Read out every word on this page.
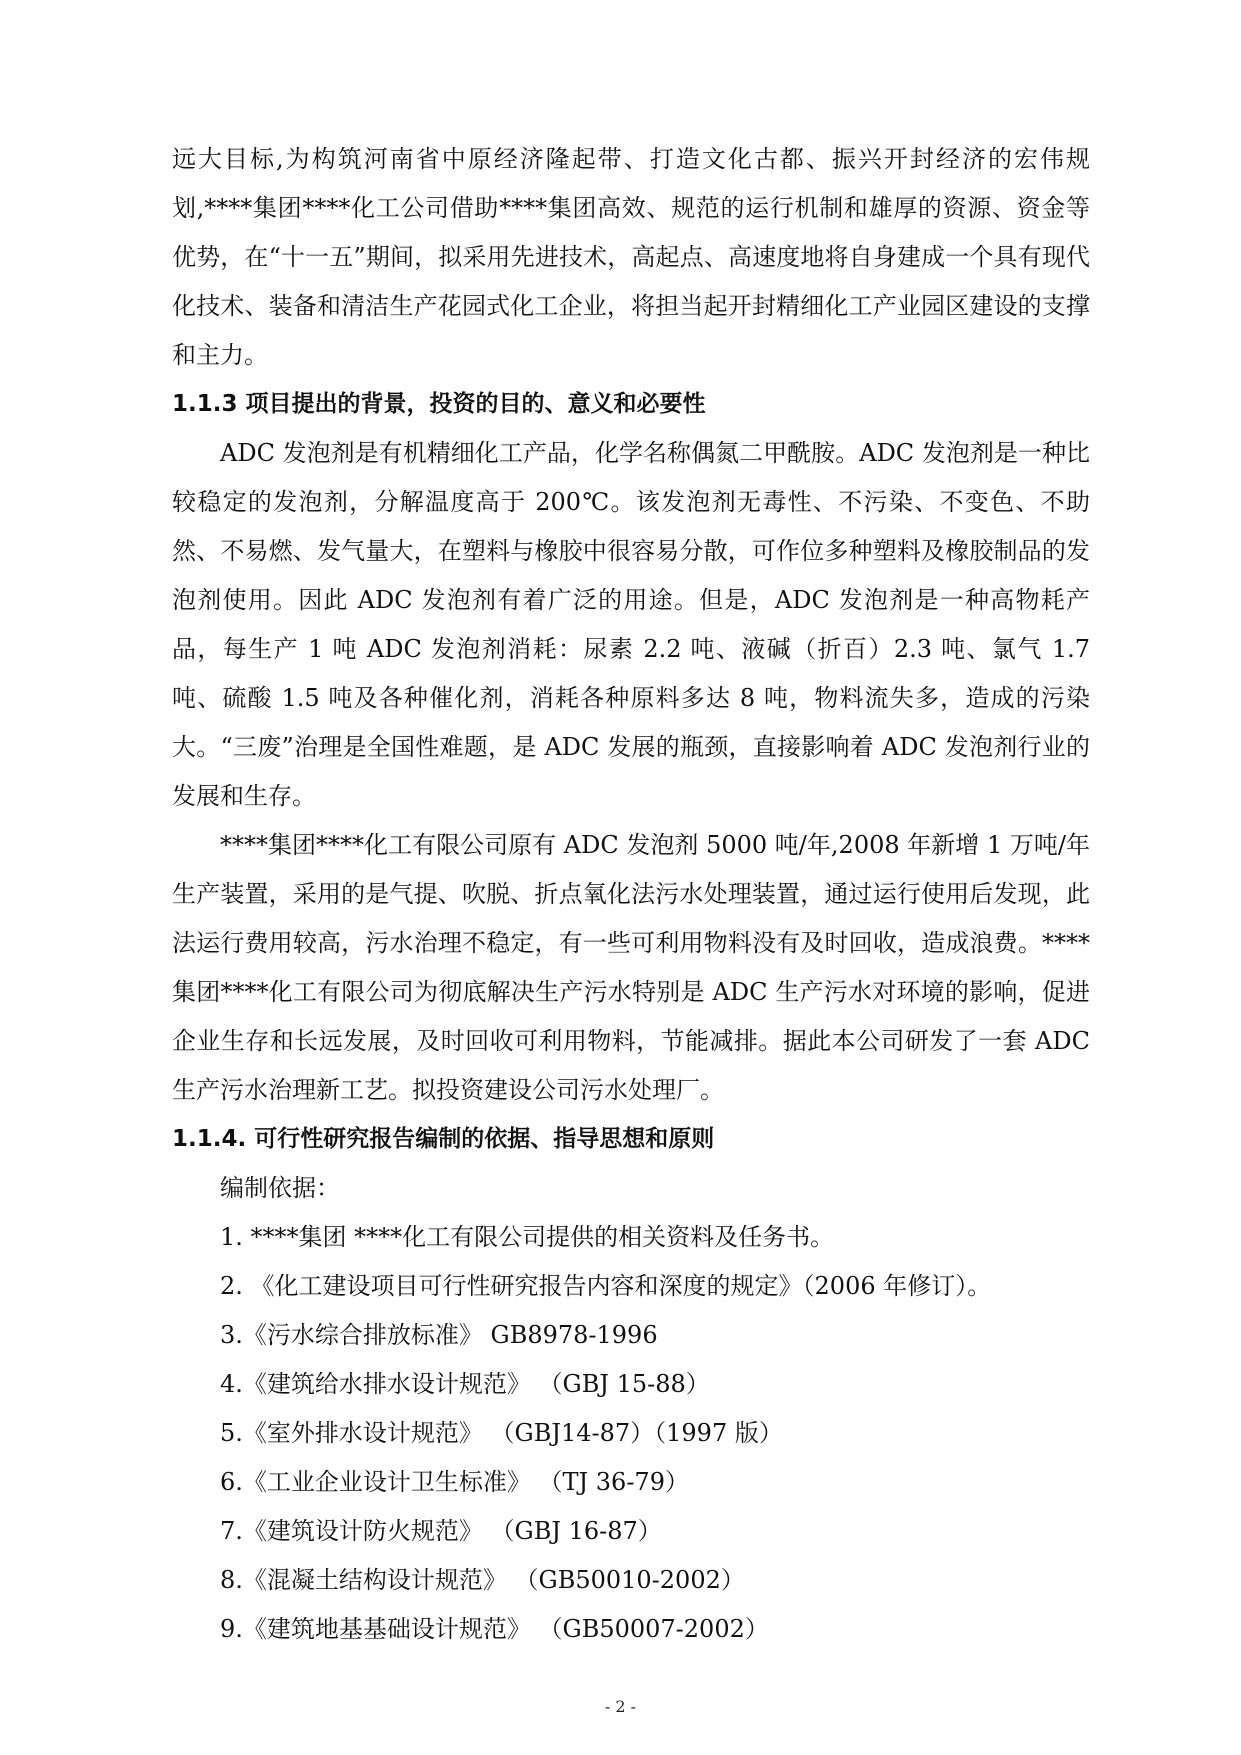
远大目标,为构筑河南省中原经济隆起带、打造文化古都、振兴开封经济的宏伟规划,****集团****化工公司借助****集团高效、规范的运行机制和雄厚的资源、资金等优势，在“十一五”期间，拟采用先进技术，高起点、高速度地将自身建成一个具有现代化技术、装备和清洁生产花园式化工企业，将担当起开封精细化工产业园区建设的支撑和主力。

1.1.3 项目提出的背景，投资的目的、意义和必要性

ADC 发泡剂是有机精细化工产品，化学名称偶氮二甲酰胺。ADC 发泡剂是一种比较稳定的发泡剂，分解温度高于 200℃。该发泡剂无毒性、不污染、不变色、不助然、不易燃、发气量大，在塑料与橡胶中很容易分散，可作位多种塑料及橡胶制品的发泡剂使用。因此 ADC 发泡剂有着广泛的用途。但是，ADC 发泡剂是一种高物耗产品，每生产 1 吨 ADC 发泡剂消耗：尿素 2.2 吨、液碱（折百）2.3 吨、氯气 1.7 吨、硫酸 1.5 吨及各种催化剂，消耗各种原料多达 8 吨，物料流失多，造成的污染大。“三废”治理是全国性难题，是 ADC 发展的瓶颈，直接影响着 ADC 发泡剂行业的发展和生存。

****集团****化工有限公司原有 ADC 发泡剂 5000 吨/年,2008 年新增 1 万吨/年生产装置，采用的是气提、吹脱、折点氧化法污水处理装置，通过运行使用后发现，此法运行费用较高，污水治理不稳定，有一些可利用物料没有及时回收，造成浪费。****集团****化工有限公司为彻底解决生产污水特别是 ADC 生产污水对环境的影响，促进企业生存和长远发展，及时回收可利用物料，节能减排。据此本公司研发了一套 ADC 生产污水治理新工艺。拟投资建设公司污水处理厂。

1.1.4. 可行性研究报告编制的依据、指导思想和原则

编制依据：

1. ****集团 ****化工有限公司提供的相关资料及任务书。

2. 《化工建设项目可行性研究报告内容和深度的规定》（2006 年修订）。

3.《污水综合排放标准》 GB8978-1996

4.《建筑给水排水设计规范》 （GBJ 15-88）

5.《室外排水设计规范》 （GBJ14-87）（1997 版）

6.《工业企业设计卫生标准》 （TJ 36-79）

7.《建筑设计防火规范》 （GBJ 16-87）

8.《混凝土结构设计规范》 （GB50010-2002）

9.《建筑地基基础设计规范》 （GB50007-2002）

- 2 -
